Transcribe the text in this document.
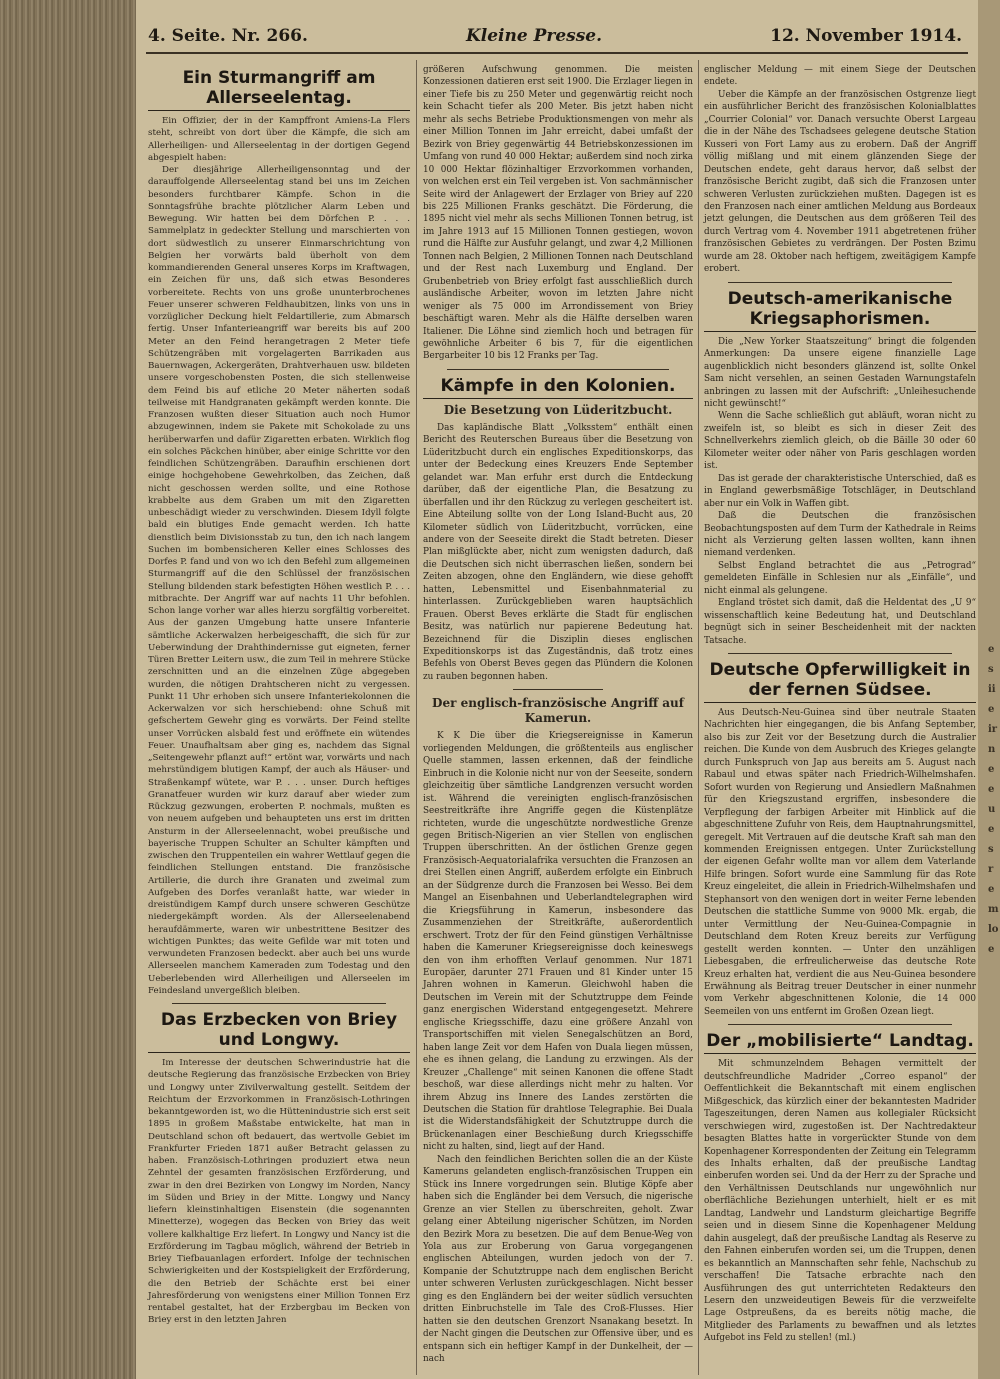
4. Seite. Nr. 266.	Kleine Presse.	12. November 1914.
Ein Sturmangriff am Allerseelentag.

Ein Offizier, der in der Kampffront Amiens-La Flers steht, schreibt von dort über die Kämpfe, die sich am Allerheiligen- und Allerseelentag in der dortigen Gegend abgespielt haben:

Der diesjährige Allerheiligensonntag und der darauffolgende Allerseelentag stand bei uns im Zeichen besonders furchtbarer Kämpfe. Schon in die Sonntagsfrühe brachte plötzlicher Alarm Leben und Bewegung. Wir hatten bei dem Dörfchen P. . . . Sammelplatz in gedeckter Stellung und marschierten von dort südwestlich zu unserer Einmarschrichtung von Belgien her vorwärts bald überholt von dem kommandierenden General unseres Korps im Kraftwagen, ein Zeichen für uns, daß sich etwas Besonderes vorbereitete. Rechts von uns große ununterbrochenes Feuer unserer schweren Feldhaubitzen, links von uns in vorzüglicher Deckung hielt Feldartillerie, zum Abmarsch fertig. Unser Infanterieangriff war bereits bis auf 200 Meter an den Feind herangetragen 2 Meter tiefe Schützengräben mit vorgelagerten Barrikaden aus Bauernwagen, Ackergeräten, Drahtverhauen usw. bildeten unsere vorgeschobensten Posten, die sich stellenweise dem Feind bis auf etliche 20 Meter näherten sodaß teilweise mit Handgranaten gekämpft werden konnte. Die Franzosen wußten dieser Situation auch noch Humor abzugewinnen, indem sie Pakete mit Schokolade zu uns herüberwarfen und dafür Zigaretten erbaten. Wirklich flog ein solches Päckchen hinüber, aber einige Schritte vor den feindlichen Schützengräben. Daraufhin erschienen dort einige hochgehobene Gewehrkolben, das Zeichen, daß nicht geschossen werden sollte, und eine Rothose krabbelte aus dem Graben um mit den Zigaretten unbeschädigt wieder zu verschwinden. Diesem Idyll folgte bald ein blutiges Ende gemacht werden. Ich hatte dienstlich beim Divisionsstab zu tun, den ich nach langem Suchen im bombensicheren Keller eines Schlosses des Dorfes P. fand und von wo ich den Befehl zum allgemeinen Sturmangriff auf die den Schlüssel der französischen Stellung bildenden stark befestigten Höhen westlich P. . . . mitbrachte. Der Angriff war auf nachts 11 Uhr befohlen. Schon lange vorher war alles hierzu sorgfältig vorbereitet. Aus der ganzen Umgebung hatte unsere Infanterie sämtliche Ackerwalzen herbeigeschafft, die sich für zur Ueberwindung der Drahthindernisse gut eigneten, ferner Türen Bretter Leitern usw., die zum Teil in mehrere Stücke zerschnitten und an die einzelnen Züge abgegeben wurden, die nötigen Drahtscheren nicht zu vergessen. Punkt 11 Uhr erhoben sich unsere Infanteriekolonnen die Ackerwalzen vor sich herschiebend: ohne Schuß mit gefschertem Gewehr ging es vorwärts. Der Feind stellte unser Vorrücken alsbald fest und eröffnete ein wütendes Feuer. Unaufhaltsam aber ging es, nachdem das Signal „Seitengewehr pflanzt auf!“ ertönt war, vorwärts und nach mehrstündigem blutigen Kampf, der auch als Häuser- und Straßenkampf wütete, war P. . . . unser. Durch heftiges Granatfeuer wurden wir kurz darauf aber wieder zum Rückzug gezwungen, eroberten P. nochmals, mußten es von neuem aufgeben und behaupteten uns erst im dritten Ansturm in der Allerseelennacht, wobei preußische und bayerische Truppen Schulter an Schulter kämpften und zwischen den Truppenteilen ein wahrer Wettlauf gegen die feindlichen Stellungen entstand. Die französische Artillerie, die durch ihre Granaten und zweimal zum Aufgeben des Dorfes veranlaßt hatte, war wieder in dreistündigem Kampf durch unsere schweren Geschütze niedergekämpft worden. Als der Allerseelenabend heraufdämmerte, waren wir unbestrittene Besitzer des wichtigen Punktes; das weite Gefilde war mit toten und verwundeten Franzosen bedeckt. aber auch bei uns wurde Allerseelen manchem Kameraden zum Todestag und den Ueberlebenden wird Allerheiligen und Allerseelen im Feindesland unvergeßlich bleiben.

Das Erzbecken von Briey und Longwy.

Im Interesse der deutschen Schwerindustrie hat die deutsche Regierung das französische Erzbecken von Briey und Longwy unter Zivilverwaltung gestellt. Seitdem der Reichtum der Erzvorkommen in Französisch-Lothringen bekanntgeworden ist, wo die Hüttenindustrie sich erst seit 1895 in großem Maßstabe entwickelte, hat man in Deutschland schon oft bedauert, das wertvolle Gebiet im Frankfurter Frieden 1871 außer Betracht gelassen zu haben. Französisch-Lothringen produziert etwa neun Zehntel der gesamten französischen Erzförderung, und zwar in den drei Bezirken von Longwy im Norden, Nancy im Süden und Briey in der Mitte. Longwy und Nancy liefern kleinstinhaltigen Eisenstein (die sogenannten Minetterze), wogegen das Becken von Briey das weit vollere kalkhaltige Erz liefert. In Longwy und Nancy ist die Erzförderung im Tagbau möglich, während der Betrieb in Briey Tiefbauanlagen erfordert. Infolge der technischen Schwierigkeiten und der Kostspieligkeit der Erzförderung, die den Betrieb der Schächte erst bei einer Jahresförderung von wenigstens einer Million Tonnen Erz rentabel gestaltet, hat der Erzbergbau im Becken von Briey erst in den letzten Jahren

größeren Aufschwung genommen. Die meisten Konzessionen datieren erst seit 1900. Die Erzlager liegen in einer Tiefe bis zu 250 Meter und gegenwärtig reicht noch kein Schacht tiefer als 200 Meter. Bis jetzt haben nicht mehr als sechs Betriebe Produktionsmengen von mehr als einer Million Tonnen im Jahr erreicht, dabei umfaßt der Bezirk von Briey gegenwärtig 44 Betriebskonzessionen im Umfang von rund 40 000 Hektar; außerdem sind noch zirka 10 000 Hektar flözinhaltiger Erzvorkommen vorhanden, von welchen erst ein Teil vergeben ist. Von sachmännischer Seite wird der Anlagewert der Erzlager von Briey auf 220 bis 225 Millionen Franks geschätzt. Die Förderung, die 1895 nicht viel mehr als sechs Millionen Tonnen betrug, ist im Jahre 1913 auf 15 Millionen Tonnen gestiegen, wovon rund die Hälfte zur Ausfuhr gelangt, und zwar 4,2 Millionen Tonnen nach Belgien, 2 Millionen Tonnen nach Deutschland und der Rest nach Luxemburg und England. Der Grubenbetrieb von Briey erfolgt fast ausschließlich durch ausländische Arbeiter, wovon im letzten Jahre nicht weniger als 75 000 im Arrondissement von Briey beschäftigt waren. Mehr als die Hälfte derselben waren Italiener. Die Löhne sind ziemlich hoch und betragen für gewöhnliche Arbeiter 6 bis 7, für die eigentlichen Bergarbeiter 10 bis 12 Franks per Tag.

Kämpfe in den Kolonien.
Die Besetzung von Lüderitzbucht.

Das kapländische Blatt „Volksstem“ enthält einen Bericht des Reuterschen Bureaus über die Besetzung von Lüderitzbucht durch ein englisches Expeditionskorps, das unter der Bedeckung eines Kreuzers Ende September gelandet war. Man erfuhr erst durch die Entdeckung darüber, daß der eigentliche Plan, die Besatzung zu überfallen und ihr den Rückzug zu verlegen gescheitert ist. Eine Abteilung sollte von der Long Island-Bucht aus, 20 Kilometer südlich von Lüderitzbucht, vorrücken, eine andere von der Seeseite direkt die Stadt betreten. Dieser Plan mißglückte aber, nicht zum wenigsten dadurch, daß die Deutschen sich nicht überraschen ließen, sondern bei Zeiten abzogen, ohne den Engländern, wie diese gehofft hatten, Lebensmittel und Eisenbahnmaterial zu hinterlassen. Zurückgeblieben waren hauptsächlich Frauen. Oberst Beves erklärte die Stadt für englischen Besitz, was natürlich nur papierene Bedeutung hat. Bezeichnend für die Disziplin dieses englischen Expeditionskorps ist das Zugeständnis, daß trotz eines Befehls von Oberst Beves gegen das Plündern die Kolonen zu rauben begonnen haben.

Der englisch-französische Angriff auf Kamerun.

K K Die über die Kriegsereignisse in Kamerun vorliegenden Meldungen, die größtenteils aus englischer Quelle stammen, lassen erkennen, daß der feindliche Einbruch in die Kolonie nicht nur von der Seeseite, sondern gleichzeitig über sämtliche Landgrenzen versucht worden ist. Während die vereinigten englisch-französischen Seestreitkräfte ihre Angriffe gegen die Küstenplätze richteten, wurde die ungeschützte nordwestliche Grenze gegen Britisch-Nigerien an vier Stellen von englischen Truppen überschritten. An der östlichen Grenze gegen Französisch-Aequatorialafrika versuchten die Franzosen an drei Stellen einen Angriff, außerdem erfolgte ein Einbruch an der Südgrenze durch die Franzosen bei Wesso. Bei dem Mangel an Eisenbahnen und Ueberlandtelegraphen wird die Kriegsführung in Kamerun, insbesondere das Zusammenziehen der Streitkräfte, außerordentlich erschwert. Trotz der für den Feind günstigen Verhältnisse haben die Kameruner Kriegsereignisse doch keineswegs den von ihm erhofften Verlauf genommen. Nur 1871 Europäer, darunter 271 Frauen und 81 Kinder unter 15 Jahren wohnen in Kamerun. Gleichwohl haben die Deutschen im Verein mit der Schutztruppe dem Feinde ganz energischen Widerstand entgegengesetzt. Mehrere englische Kriegsschiffe, dazu eine größere Anzahl von Transportschiffen mit vielen Senegalschützen an Bord, haben lange Zeit vor dem Hafen von Duala liegen müssen, ehe es ihnen gelang, die Landung zu erzwingen. Als der Kreuzer „Challenge“ mit seinen Kanonen die offene Stadt beschoß, war diese allerdings nicht mehr zu halten. Vor ihrem Abzug ins Innere des Landes zerstörten die Deutschen die Station für drahtlose Telegraphie. Bei Duala ist die Widerstandsfähigkeit der Schutztruppe durch die Brückenanlagen einer Beschießung durch Kriegsschiffe nicht zu halten, sind, liegt auf der Hand.

Nach den feindlichen Berichten sollen die an der Küste Kameruns gelandeten englisch-französischen Truppen ein Stück ins Innere vorgedrungen sein. Blutige Köpfe aber haben sich die Engländer bei dem Versuch, die nigerische Grenze an vier Stellen zu überschreiten, geholt. Zwar gelang einer Abteilung nigerischer Schützen, im Norden den Bezirk Mora zu besetzen. Die auf dem Benue-Weg von Yola aus zur Eroberung von Garua vorgegangenen englischen Abteilungen, wurden jedoch von der 7. Kompanie der Schutztruppe nach dem englischen Bericht unter schweren Verlusten zurückgeschlagen. Nicht besser ging es den Engländern bei der weiter südlich versuchten dritten Einbruchstelle im Tale des Croß-Flusses. Hier hatten sie den deutschen Grenzort Nsanakang besetzt. In der Nacht gingen die Deutschen zur Offensive über, und es entspann sich ein heftiger Kampf in der Dunkelheit, der — nach

englischer Meldung — mit einem Siege der Deutschen endete.

Ueber die Kämpfe an der französischen Ostgrenze liegt ein ausführlicher Bericht des französischen Kolonialblattes „Courrier Colonial“ vor. Danach versuchte Oberst Largeau die in der Nähe des Tschadsees gelegene deutsche Station Kusseri von Fort Lamy aus zu erobern. Daß der Angriff völlig mißlang und mit einem glänzenden Siege der Deutschen endete, geht daraus hervor, daß selbst der französische Bericht zugibt, daß sich die Franzosen unter schweren Verlusten zurückziehen mußten. Dagegen ist es den Franzosen nach einer amtlichen Meldung aus Bordeaux jetzt gelungen, die Deutschen aus dem größeren Teil des durch Vertrag vom 4. November 1911 abgetretenen früher französischen Gebietes zu verdrängen. Der Posten Bzimu wurde am 28. Oktober nach heftigem, zweitägigem Kampfe erobert.

Deutsch-amerikanische Kriegsaphorismen.

Die „New Yorker Staatszeitung“ bringt die folgenden Anmerkungen: Da unsere eigene finanzielle Lage augenblicklich nicht besonders glänzend ist, sollte Onkel Sam nicht versehlen, an seinen Gestaden Warnungstafeln anbringen zu lassen mit der Aufschrift: „Unleihesuchende nicht gewünscht!“

Wenn die Sache schließlich gut abläuft, woran nicht zu zweifeln ist, so bleibt es sich in dieser Zeit des Schnellverkehrs ziemlich gleich, ob die Bäille 30 oder 60 Kilometer weiter oder näher von Paris geschlagen worden ist.

Das ist gerade der charakteristische Unterschied, daß es in England gewerbsmäßige Totschläger, in Deutschland aber nur ein Volk in Waffen gibt.

Daß die Deutschen die französischen Beobachtungsposten auf dem Turm der Kathedrale in Reims nicht als Verzierung gelten lassen wollten, kann ihnen niemand verdenken.

Selbst England betrachtet die aus „Petrograd“ gemeldeten Einfälle in Schlesien nur als „Einfälle“, und nicht einmal als gelungene.

England tröstet sich damit, daß die Heldentat des „U 9“ wissenschaftlich keine Bedeutung hat, und Deutschland begnügt sich in seiner Bescheidenheit mit der nackten Tatsache.

Deutsche Opferwilligkeit in der fernen Südsee.

Aus Deutsch-Neu-Guinea sind über neutrale Staaten Nachrichten hier eingegangen, die bis Anfang September, also bis zur Zeit vor der Besetzung durch die Australier reichen. Die Kunde von dem Ausbruch des Krieges gelangte durch Funkspruch von Jap aus bereits am 5. August nach Rabaul und etwas später nach Friedrich-Wilhelmshafen. Sofort wurden von Regierung und Ansiedlern Maßnahmen für den Kriegszustand ergriffen, insbesondere die Verpflegung der farbigen Arbeiter mit Hinblick auf die abgeschnittene Zufuhr von Reis, dem Hauptnahrungsmittel, geregelt. Mit Vertrauen auf die deutsche Kraft sah man den kommenden Ereignissen entgegen. Unter Zurückstellung der eigenen Gefahr wollte man vor allem dem Vaterlande Hilfe bringen. Sofort wurde eine Sammlung für das Rote Kreuz eingeleitet, die allein in Friedrich-Wilhelmshafen und Stephansort von den wenigen dort in weiter Ferne lebenden Deutschen die stattliche Summe von 9000 Mk. ergab, die unter Vermittlung der Neu-Guinea-Compagnie in Deutschland dem Roten Kreuz bereits zur Verfügung gestellt werden konnten. — Unter den unzähligen Liebesgaben, die erfreulicherweise das deutsche Rote Kreuz erhalten hat, verdient die aus Neu-Guinea besondere Erwähnung als Beitrag treuer Deutscher in einer nunmehr vom Verkehr abgeschnittenen Kolonie, die 14 000 Seemeilen von uns entfernt im Großen Ozean liegt.

Der „mobilisierte“ Landtag.

Mit schmunzelndem Behagen vermittelt der deutschfreundliche Madrider „Correo espanol“ der Oeffentlichkeit die Bekanntschaft mit einem englischen Mißgeschick, das kürzlich einer der bekanntesten Madrider Tageszeitungen, deren Namen aus kollegialer Rücksicht verschwiegen wird, zugestoßen ist. Der Nachtredakteur besagten Blattes hatte in vorgerückter Stunde von dem Kopenhagener Korrespondenten der Zeitung ein Telegramm des Inhalts erhalten, daß der preußische Landtag einberufen worden sei. Und da der Herr zu der Sprache und den Verhältnissen Deutschlands nur ungewöhnlich nur oberflächliche Beziehungen unterhielt, hielt er es mit Landtag, Landwehr und Landsturm gleichartige Begriffe seien und in diesem Sinne die Kopenhagener Meldung dahin ausgelegt, daß der preußische Landtag als Reserve zu den Fahnen einberufen worden sei, um die Truppen, denen es bekanntlich an Mannschaften sehr fehle, Nachschub zu verschaffen! Die Tatsache erbrachte nach den Ausführungen des gut unterrichteten Redakteurs den Lesern den unzweideutigen Beweis für die verzweifelte Lage Ostpreußens, da es bereits nötig mache, die Mitglieder des Parlaments zu bewaffnen und als letztes Aufgebot ins Feld zu stellen! (ml.)

e s ii e ir n e e u e s r e m lo e
